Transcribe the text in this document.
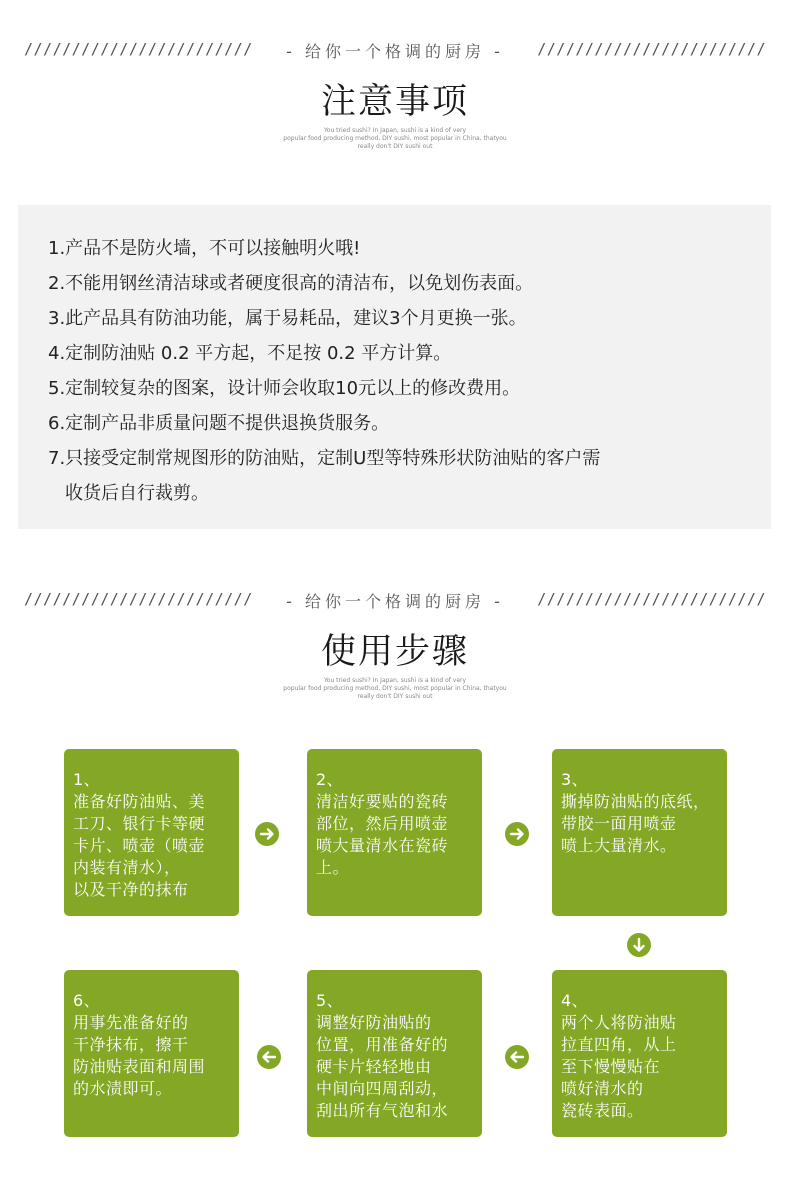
////////////////////////	- 给你一个格调的厨房 -	////////////////////////
注意事项
You tried sushi? In Japan, sushi is a kind of very
popular food producing method, DIY sushi, most popular in China, thatyou
really don't DIY sushi out
1.产品不是防火墙，不可以接触明火哦!
2.不能用钢丝清洁球或者硬度很高的清洁布，以免划伤表面。
3.此产品具有防油功能，属于易耗品，建议3个月更换一张。
4.定制防油贴 0.2 平方起，不足按 0.2 平方计算。
5.定制较复杂的图案，设计师会收取10元以上的修改费用。
6.定制产品非质量问题不提供退换货服务。
7.只接受定制常规图形的防油贴，定制U型等特殊形状防油贴的客户需
收货后自行裁剪。
////////////////////////	- 给你一个格调的厨房 -	////////////////////////
使用步骤
You tried sushi? In Japan, sushi is a kind of very
popular food producing method, DIY sushi, most popular in China, thatyou
really don't DIY sushi out
1、
准备好防油贴、美
工刀、银行卡等硬
卡片、喷壶（喷壶
内装有清水），
以及干净的抹布
2、
清洁好要贴的瓷砖
部位，然后用喷壶
喷大量清水在瓷砖
上。
3、
撕掉防油贴的底纸，
带胶一面用喷壶
喷上大量清水。
6、
用事先准备好的
干净抹布，擦干
防油贴表面和周围
的水渍即可。
5、
调整好防油贴的
位置，用准备好的
硬卡片轻轻地由
中间向四周刮动，
刮出所有气泡和水
4、
两个人将防油贴
拉直四角，从上
至下慢慢贴在
喷好清水的
瓷砖表面。
